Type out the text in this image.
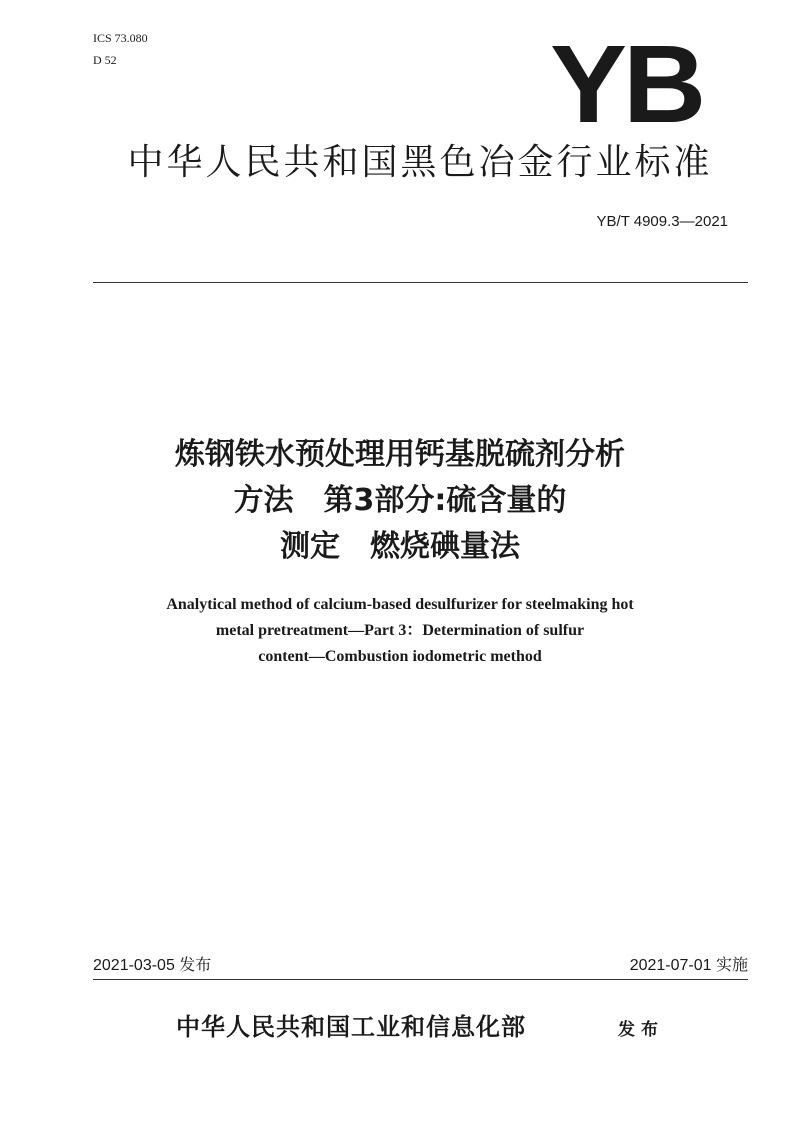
ICS 73.080
D 52	YB
中华人民共和国黑色冶金行业标准
YB/T 4909.3—2021
炼钢铁水预处理用钙基脱硫剂分析
方法　第3部分:硫含量的
测定　燃烧碘量法
Analytical method of calcium-based desulfurizer for steelmaking hot
metal pretreatment—Part 3：Determination of sulfur
content—Combustion iodometric method
2021-03-05 发布	2021-07-01 实施
中华人民共和国工业和信息化部	发布
